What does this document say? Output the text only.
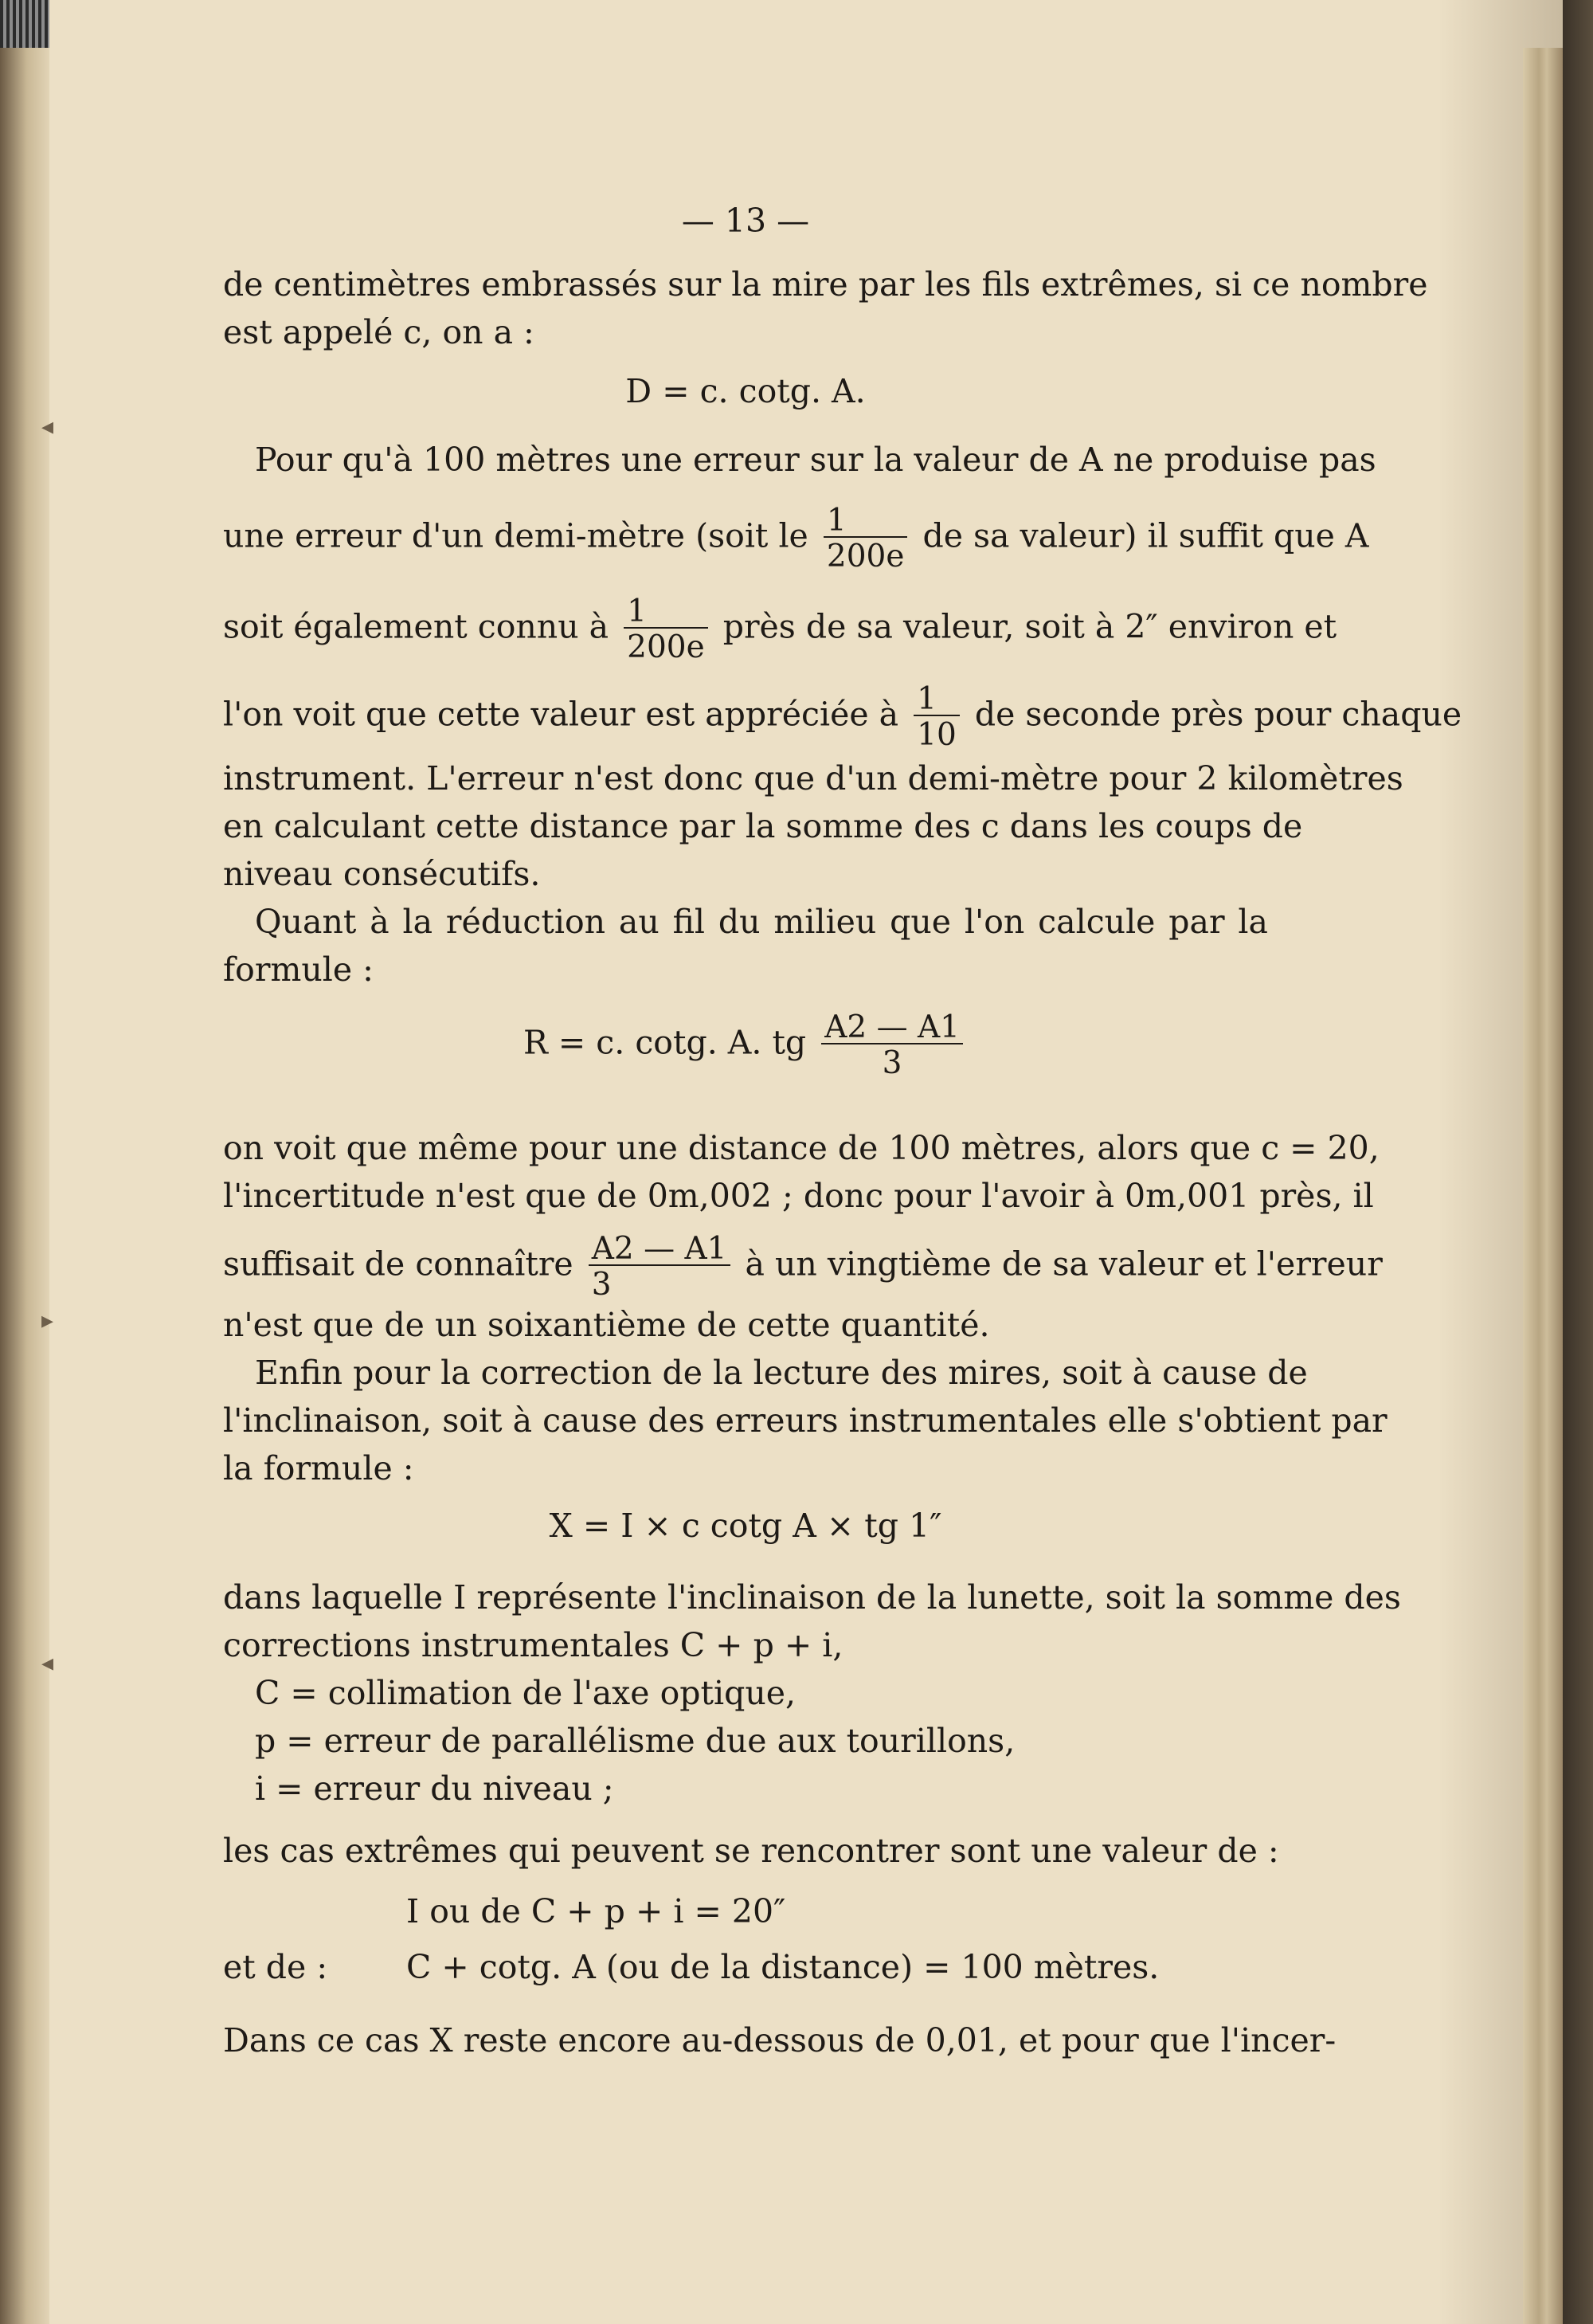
◂
▸
◂
— 13 —
de centimètres embrassés sur la mire par les fils extrêmes, si ce nombre
est appelé c, on a :
D = c. cotg. A.
Pour qu'à 100 mètres une erreur sur la valeur de A ne produise pas
une erreur d'un demi-mètre (soit le $\frac{1}{200e}$ de sa valeur) il suffit que A
soit également connu à $\frac{1}{200e}$ près de sa valeur, soit à 2″ environ et
l'on voit que cette valeur est appréciée à $\frac{1}{10}$ de seconde près pour chaque
instrument. L'erreur n'est donc que d'un demi-mètre pour 2 kilomètres
en calculant cette distance par la somme des c dans les coups de
niveau consécutifs.
Quant à la réduction au fil du milieu que l'on calcule par la
formule :
R = c. cotg. A. tg $\frac{A2 — A1}{3}$
on voit que même pour une distance de 100 mètres, alors que c = 20,
l'incertitude n'est que de 0m,002 ; donc pour l'avoir à 0m,001 près, il
suffisait de connaître $\frac{A2 — A1}{3}$ à un vingtième de sa valeur et l'erreur
n'est que de un soixantième de cette quantité.
Enfin pour la correction de la lecture des mires, soit à cause de
l'inclinaison, soit à cause des erreurs instrumentales elle s'obtient par
la formule :
X = I × c cotg A × tg 1″
dans laquelle I représente l'inclinaison de la lunette, soit la somme des
corrections instrumentales C + p + i,
C = collimation de l'axe optique,
p = erreur de parallélisme due aux tourillons,
i = erreur du niveau ;
les cas extrêmes qui peuvent se rencontrer sont une valeur de :
I ou de C + p + i = 20″
et de :	C + cotg. A (ou de la distance) = 100 mètres.
Dans ce cas X reste encore au-dessous de 0,01, et pour que l'incer-
